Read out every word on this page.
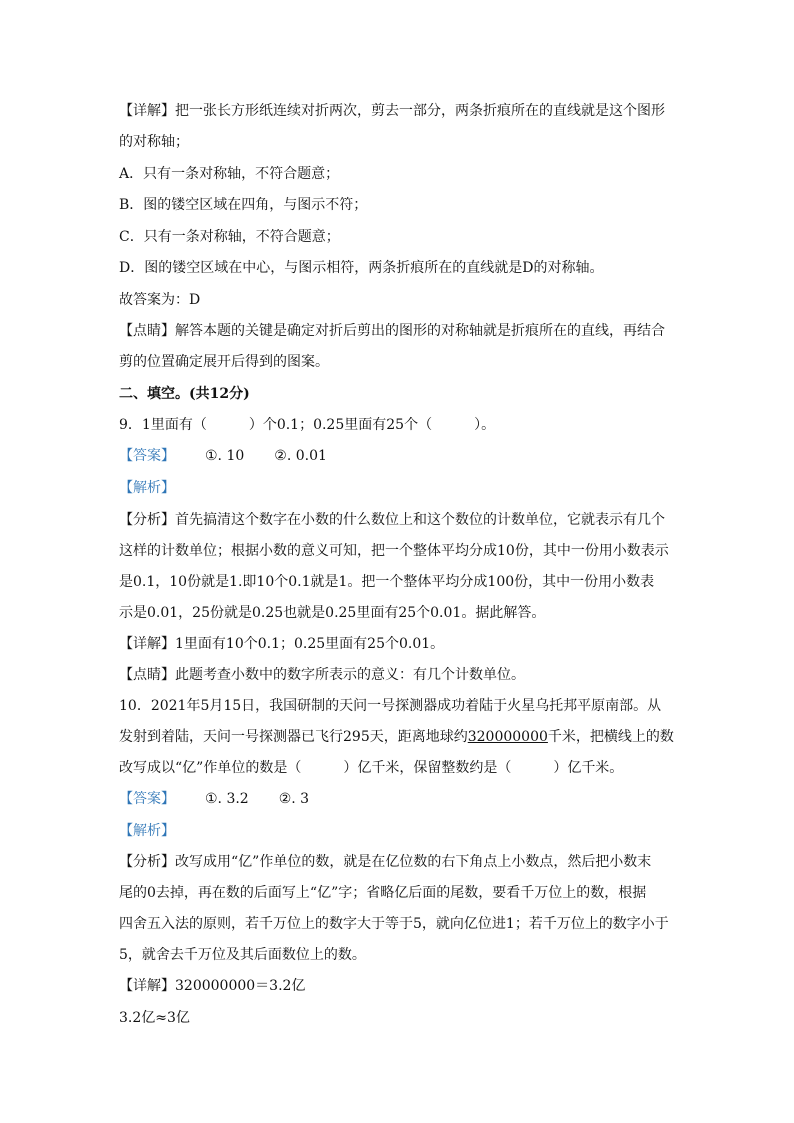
【详解】把一张长方形纸连续对折两次，剪去一部分，两条折痕所在的直线就是这个图形
的对称轴；
A．只有一条对称轴，不符合题意；
B．图的镂空区域在四角，与图示不符；
C．只有一条对称轴，不符合题意；
D．图的镂空区域在中心，与图示相符，两条折痕所在的直线就是D的对称轴。
故答案为：D
【点睛】解答本题的关键是确定对折后剪出的图形的对称轴就是折痕所在的直线，再结合
剪的位置确定展开后得到的图案。
二、填空。(共12分)
9．1里面有（　　　）个0.1；0.25里面有25个（　　　）。
【答案】 ①. 10 ②. 0.01
【解析】
【分析】首先搞清这个数字在小数的什么数位上和这个数位的计数单位，它就表示有几个
这样的计数单位；根据小数的意义可知，把一个整体平均分成10份，其中一份用小数表示
是0.1，10份就是1.即10个0.1就是1。把一个整体平均分成100份，其中一份用小数表
示是0.01，25份就是0.25也就是0.25里面有25个0.01。据此解答。
【详解】1里面有10个0.1；0.25里面有25个0.01。
【点睛】此题考查小数中的数字所表示的意义：有几个计数单位。
10．2021年5月15日，我国研制的天问一号探测器成功着陆于火星乌托邦平原南部。从
发射到着陆，天问一号探测器已飞行295天，距离地球约320000000千米，把横线上的数
改写成以“亿”作单位的数是（　　　）亿千米，保留整数约是（　　　）亿千米。
【答案】 ①. 3.2 ②. 3
【解析】
【分析】改写成用“亿”作单位的数，就是在亿位数的右下角点上小数点，然后把小数末
尾的0去掉，再在数的后面写上“亿”字；省略亿后面的尾数，要看千万位上的数，根据
四舍五入法的原则，若千万位上的数字大于等于5，就向亿位进1；若千万位上的数字小于
5，就舍去千万位及其后面数位上的数。
【详解】320000000＝3.2亿
3.2亿≈3亿
